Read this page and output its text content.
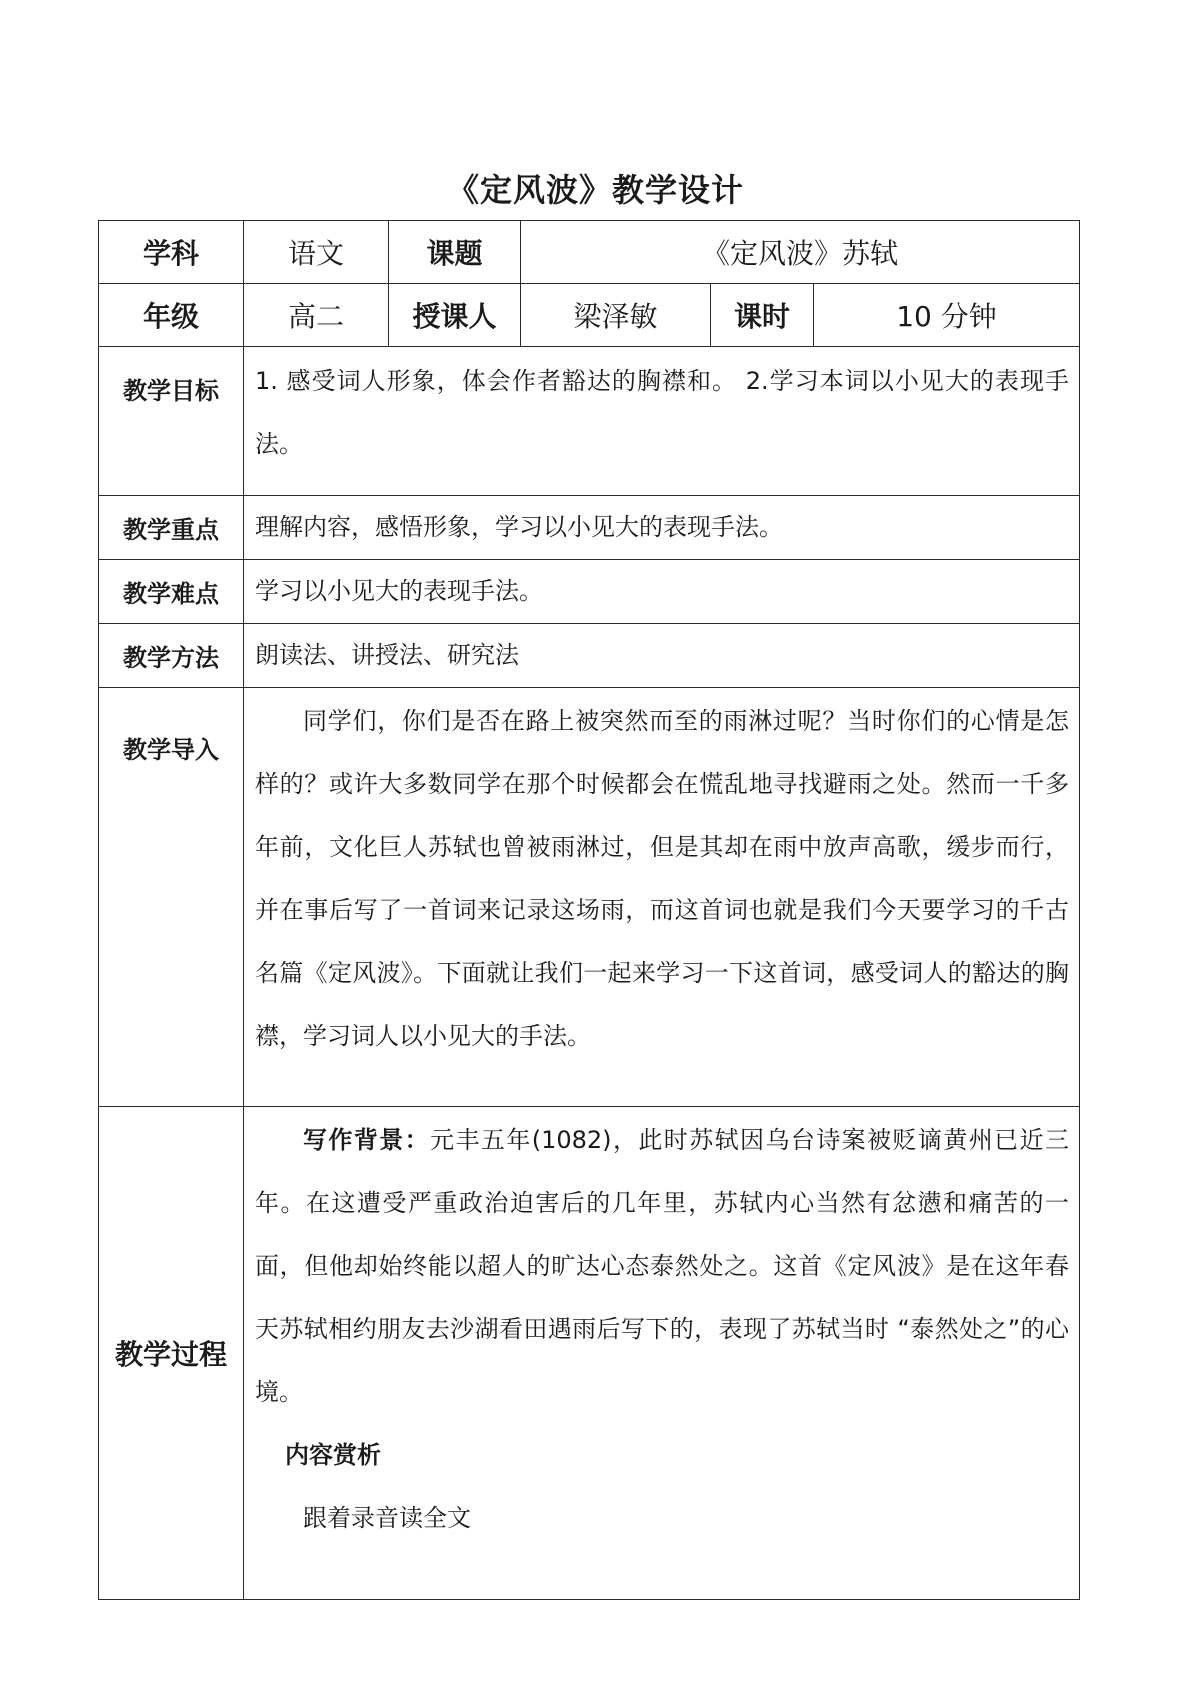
《定风波》教学设计
学科	语文	课题	《定风波》苏轼		
年级	高二	授课人	梁泽敏	课时	10 分钟
教学目标	1. 感受词人形象，体会作者豁达的胸襟和。 2.学习本词以小见大的表现手法。				

教学重点	理解内容，感悟形象，学习以小见大的表现手法。				

教学难点	学习以小见大的表现手法。				

教学方法	朗读法、讲授法、研究法				

教学导入	同学们，你们是否在路上被突然而至的雨淋过呢？当时你们的心情是怎样的？或许大多数同学在那个时候都会在慌乱地寻找避雨之处。然而一千多年前，文化巨人苏轼也曾被雨淋过，但是其却在雨中放声高歌，缓步而行，并在事后写了一首词来记录这场雨，而这首词也就是我们今天要学习的千古名篇《定风波》。下面就让我们一起来学习一下这首词，感受词人的豁达的胸襟，学习词人以小见大的手法。				

教学过程	写作背景：元丰五年(1082)，此时苏轼因乌台诗案被贬谪黄州已近三年。在这遭受严重政治迫害后的几年里，苏轼内心当然有忿懑和痛苦的一面，但他却始终能以超人的旷达心态泰然处之。这首《定风波》是在这年春天苏轼相约朋友去沙湖看田遇雨后写下的，表现了苏轼当时 “泰然处之”的心境。

内容赏析

跟着录音读全文				
